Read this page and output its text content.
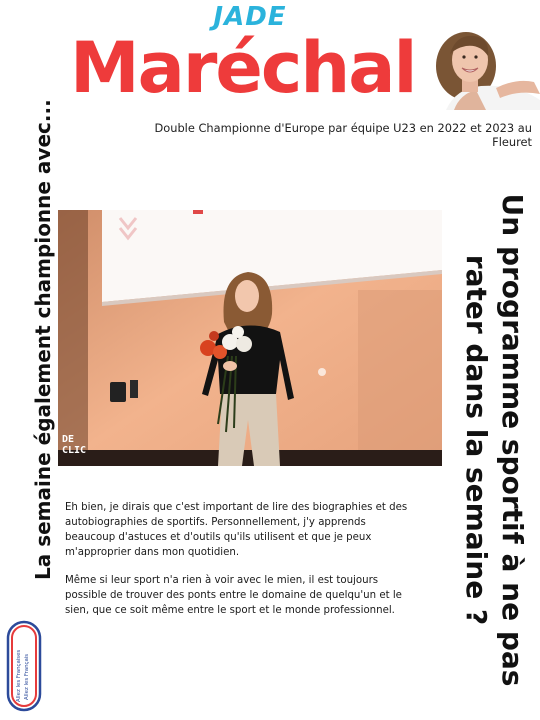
JADE
Maréchal
Double Championne d'Europe par équipe U23 en 2022 et 2023 au Fleuret
La semaine également championne avec...	Un programme sportif à ne pas rater dans la semaine ?
DE
CLIC

Eh bien, je dirais que c'est important de lire des biographies et des autobiographies de sportifs. Personnellement, j'y apprends beaucoup d'astuces et d'outils qu'ils utilisent et que je peux m'approprier dans mon quotidien.

Même si leur sport n'a rien à voir avec le mien, il est toujours possible de trouver des ponts entre le domaine de quelqu'un et le sien, que ce soit même entre le sport et le monde professionnel.

Allez les Françaises Allez les Français
